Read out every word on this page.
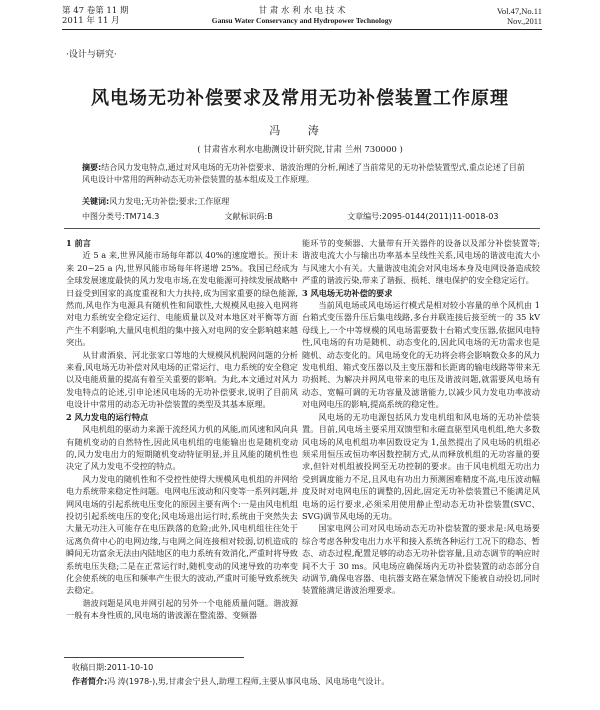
第 47 卷第 11 期
2011 年 11 月
甘 肃 水 利 水 电 技 术
Gansu Water Conservancy and Hydropower Technology
Vol.47,No.11
Nov.,2011
·设计与研究·
风电场无功补偿要求及常用无功补偿装置工作原理
冯 涛
( 甘肃省水利水电勘测设计研究院,甘肃 兰州 730000 )
摘要:结合风力发电特点,通过对风电场的无功补偿要求、谐波治理的分析,阐述了当前常见的无功补偿装置型式,重点论述了目前风电设计中常用的两种动态无功补偿装置的基本组成及工作原理。
关键词:风力发电;无功补偿;要求;工作原理
中图分类号:TM714.3	文献标识码:B	文章编号:2095-0144(2011)11-0018-03

1 前言

近 5 a 来,世界风能市场每年都以 40%的速度增长。预计未来 20~25 a 内,世界风能市场每年将递增 25%。我国已经成为全球发展速度最快的风力发电市场,在发电能源可持续发展战略中日益受到国家的高度重视和大力扶持,成为国家重要的绿色能源,然而,风电作为电源具有随机性和间歇性,大规模风电接入电网将对电力系统安全稳定运行、电能质量以及对本地区对平衡等方面产生不利影响,大量风电机组的集中接入对电网的安全影响越来越突出。

从甘肃酒泉、河北张家口等地的大规模风机脱网问题的分析来看,风电场无功补偿对风电场的正常运行、电力系统的安全稳定以及电能质量的提高有着至关重要的影响。为此,本文通过对风力发电特点的论述,引申论述风电场的无功补偿要求,说明了目前风电设计中常用的动态无功补偿装置的类型及其基本原理。

2 风力发电的运行特点

风电机组的驱动力来源于流经风力机的风能,而风速和风向具有随机变动的自然特性,因此风电机组的电能输出也是随机变动的,风力发电出力的短期随机变动特征明显,并且风能的随机性也决定了风力发电不受控的特点。

风力发电的随机性和不受控性使得大规模风电机组的并网给电力系统带来稳定性问题。电网电压波动和闪变等一系列问题,并网风电场的引起系统电压变化的原因主要有两个:一是由风电机组投切引起系统电压的变化;风电场退出运行时,系统由于突然失去大量无功注入可能存在电压跌落的危险;此外,风电机组往往处于远离负荷中心的电网边缘,与电网之间连接相对较弱,切机造成的瞬间无功富余无法由内陆地区的电力系统有效消化,严重时将导致系统电压失稳;二是在正常运行时,随机变动的风速导致的功率变化会使系统的电压和频率产生很大的波动,严重时可能导致系统失去稳定。

谐波问题是风电并网引起的另外一个电能质量问题。谐波源一般有本身性质的,风电场的谐波源在整流器、变频器

能环节的变频器、大量带有开关器件的设备以及部分补偿装置等;谐波电流大小与输出功率基本呈线性关系,风电场的谐波电流大小与风速大小有关。大量谐波电流会对风电场本身及电网设备造成较严重的谐波污染,带来了谐振、损耗、继电保护的安全稳定运行。

3 风电场无功补偿的要求

当前风电场或风电场运行模式是相对较小容量的单个风机由 1 台箱式变压器升压后集电线路,多台并联连接后接至统一的 35 kV 母线上,一个中等规模的风电场需要数十台箱式变压器,依据风电特性,风电场的有功是随机、动态变化的,因此风电场的无功需求也是随机、动态变化的。风电场变化的无功将会将会影响数众多的风力发电机组、箱式变压器以及主变压器和长距离的输电线路等带来无功损耗、为解决并网风电带来的电压及谐波问题,就需要风电场有动态、宽幅可调的无功容量及滤谐能力,以减少风力发电功率波动对电网电压的影响,提高系统的稳定性。

风电场的无功电源包括风力发电机组和风电场的无功补偿装置。目前,风电场主要采用双馈型和永磁直驱型风电机组,绝大多数风电场的风电机组功率因数设定为 1,虽然提出了风电场的机组必须采用恒压或恒功率因数控制方式,从而释放机组的无功容量的要求,但针对机组被投网至无功控制的要求。由于风电机组无功出力受到调度能力不足,且风电有功出力预测困难精度不高,电压波动幅度及时对电网电压的调整的,因此,固定无功补偿装置已不能满足风电场的运行要求,必须采用使用静止型动态无功补偿装置(SVC、SVG)调节风电场的无功。

国家电网公司对风电场动态无功补偿装置的要求是:风电场要综合考虑各种发电出力水平和接入系统各种运行工况下的稳态、暂态、动态过程,配置足够的动态无功补偿容量,且动态调节的响应时间不大于 30 ms。风电场应确保场内无功补偿装置的动态部分自动调节,确保电容器、电抗器支路在紧急情况下能被自动投切,同时装置能满足谐波治理要求。

收稿日期:2011-10-10
作者简介:冯 涛(1978-),男,甘肃会宁县人,助理工程师,主要从事风电场、风电场电气设计。
